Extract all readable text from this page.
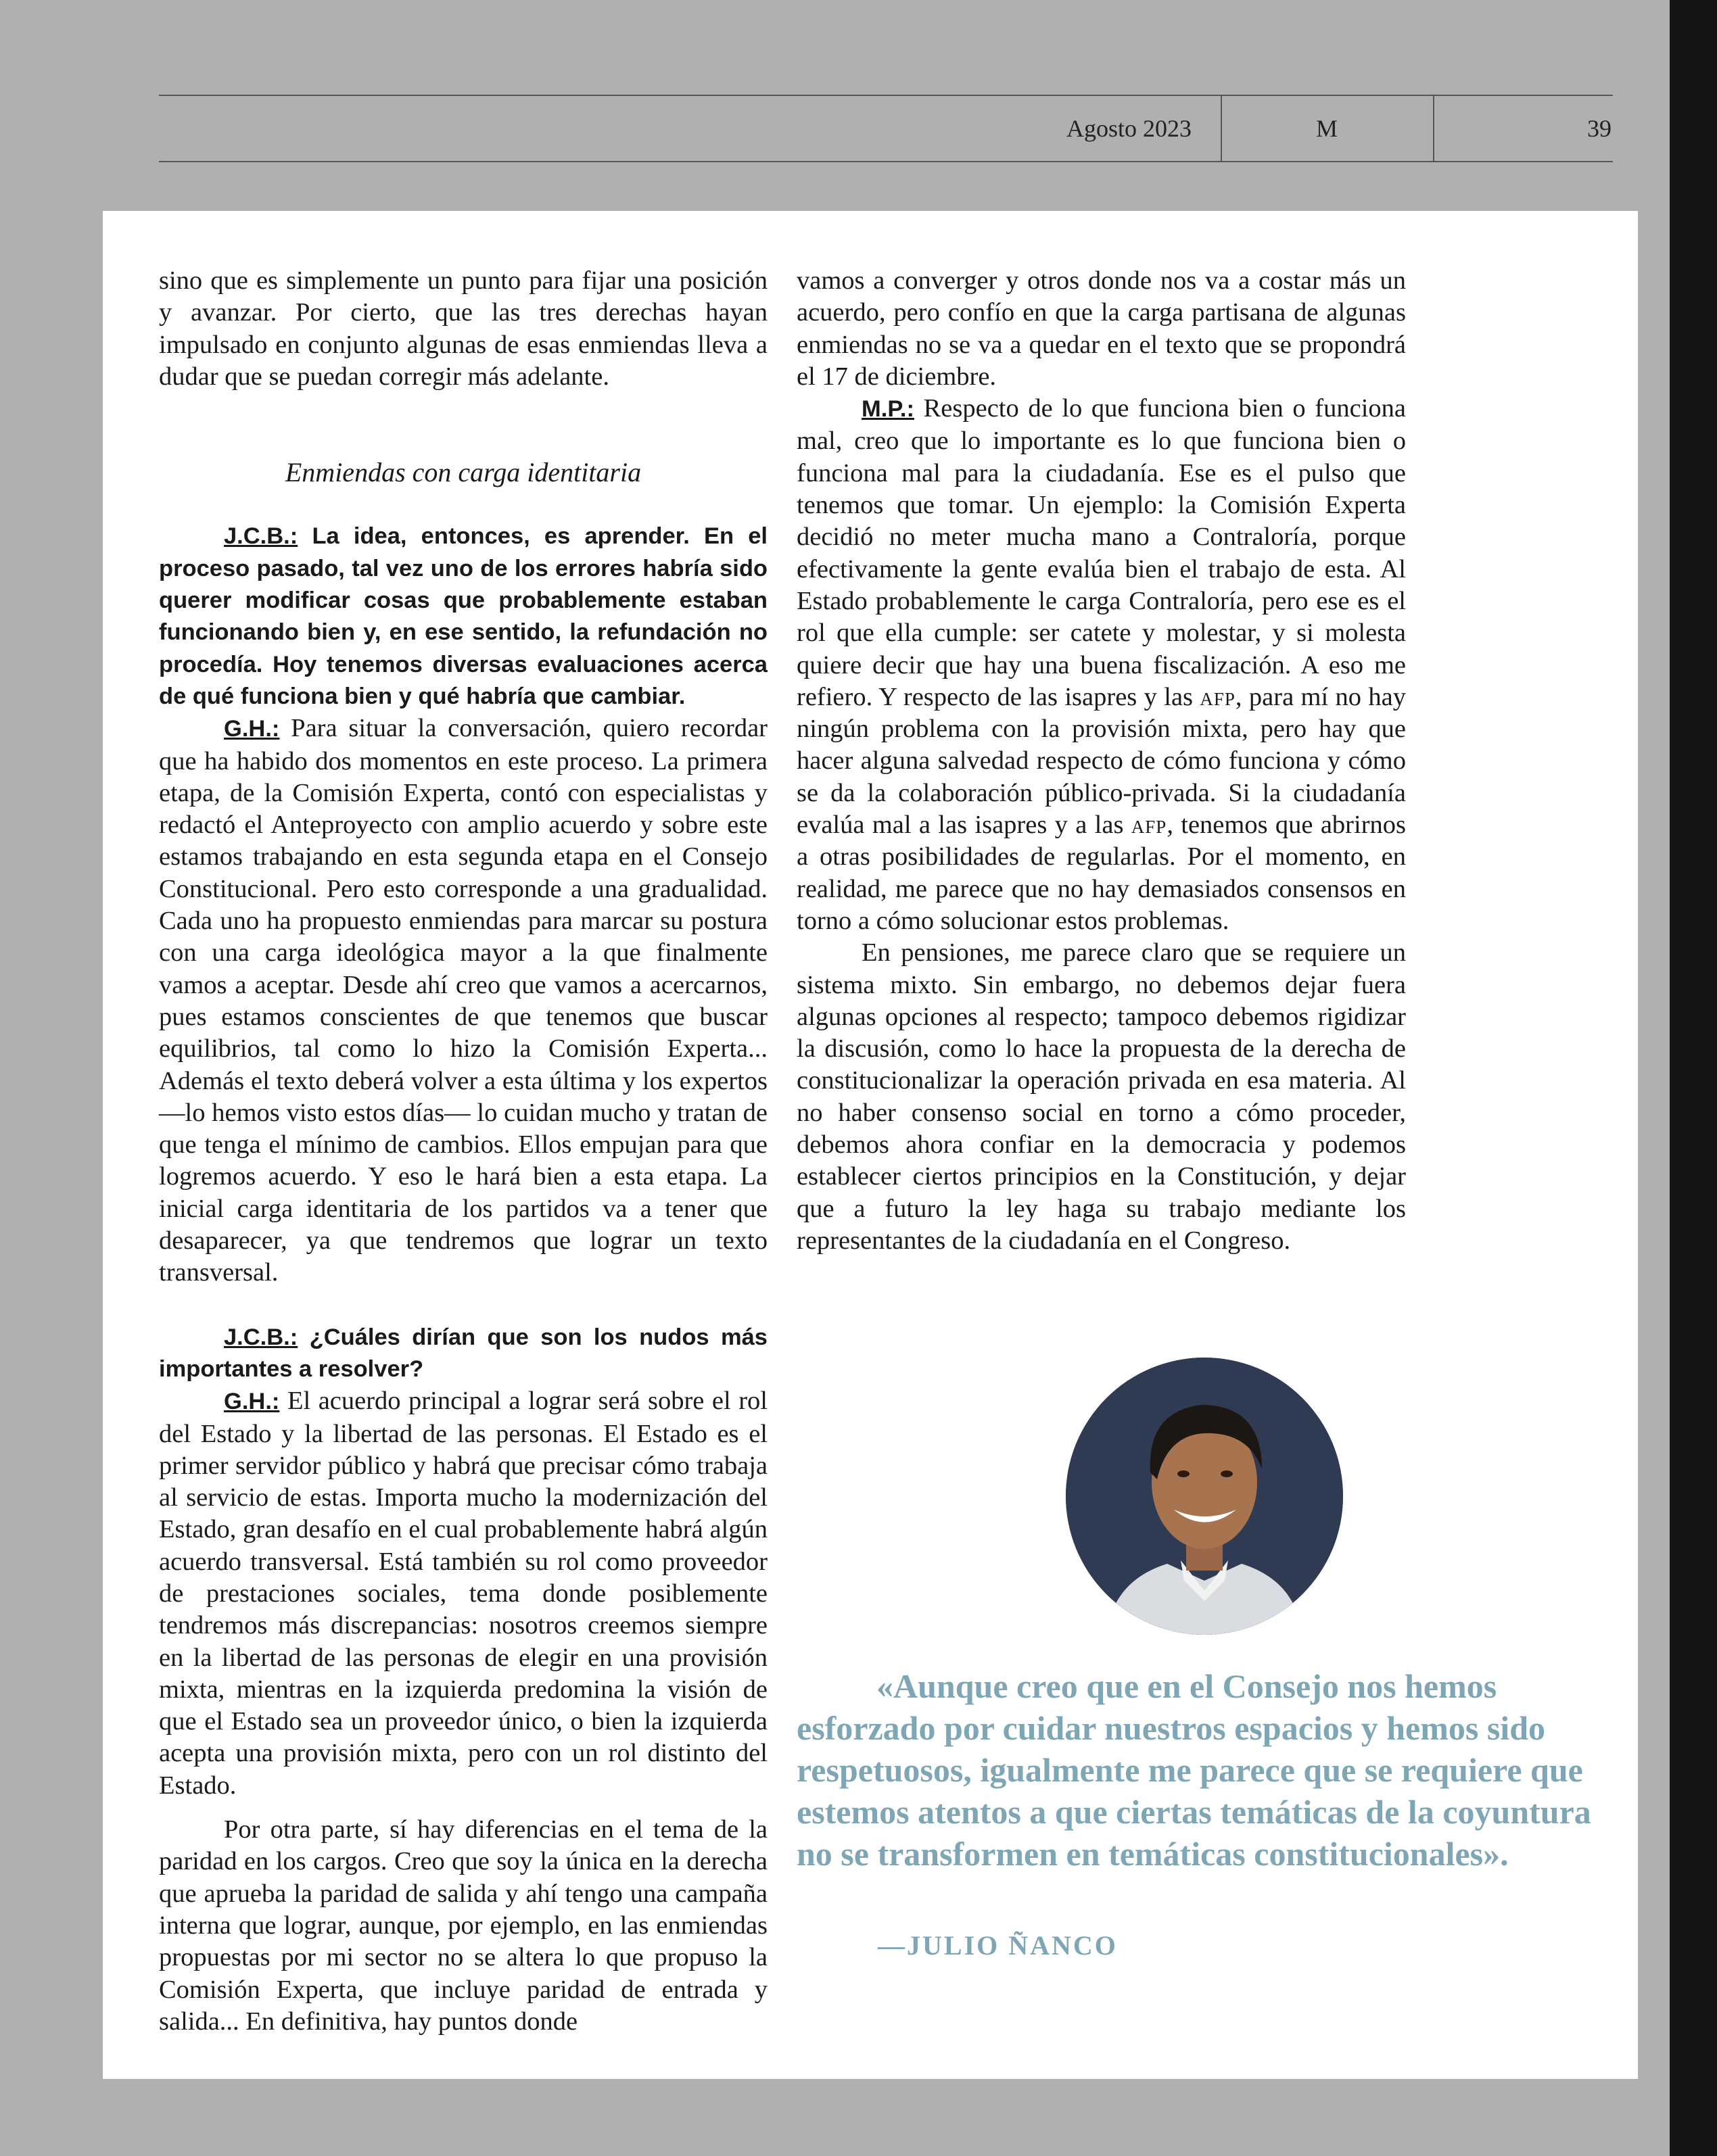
Agosto 2023	M	39

sino que es simplemente un punto para fijar una posición y avanzar. Por cierto, que las tres derechas hayan impulsado en conjunto algunas de esas enmiendas lleva a dudar que se puedan corregir más adelante.

Enmiendas con carga identitaria

J.C.B.: La idea, entonces, es aprender. En el proceso pasado, tal vez uno de los errores habría sido querer modificar cosas que probablemente estaban funcionando bien y, en ese sentido, la refundación no procedía. Hoy tenemos diversas evaluaciones acerca de qué funciona bien y qué habría que cambiar.

G.H.: Para situar la conversación, quiero recordar que ha habido dos momentos en este proceso. La primera etapa, de la Comisión Experta, contó con especialistas y redactó el Anteproyecto con amplio acuerdo y sobre este estamos trabajando en esta segunda etapa en el Consejo Constitucional. Pero esto corresponde a una gradualidad. Cada uno ha propuesto enmiendas para marcar su postura con una carga ideológica mayor a la que finalmente vamos a aceptar. Desde ahí creo que vamos a acercarnos, pues estamos conscientes de que tenemos que buscar equilibrios, tal como lo hizo la Comisión Experta... Además el texto deberá volver a esta última y los expertos —lo hemos visto estos días— lo cuidan mucho y tratan de que tenga el mínimo de cambios. Ellos empujan para que logremos acuerdo. Y eso le hará bien a esta etapa. La inicial carga identitaria de los partidos va a tener que desaparecer, ya que tendremos que lograr un texto transversal.

J.C.B.: ¿Cuáles dirían que son los nudos más importantes a resolver?

G.H.: El acuerdo principal a lograr será sobre el rol del Estado y la libertad de las personas. El Estado es el primer servidor público y habrá que precisar cómo trabaja al servicio de estas. Importa mucho la modernización del Estado, gran desafío en el cual probablemente habrá algún acuerdo transversal. Está también su rol como proveedor de prestaciones sociales, tema donde posiblemente tendremos más discrepancias: nosotros creemos siempre en la libertad de las personas de elegir en una provisión mixta, mientras en la izquierda predomina la visión de que el Estado sea un proveedor único, o bien la izquierda acepta una provisión mixta, pero con un rol distinto del Estado.

Por otra parte, sí hay diferencias en el tema de la paridad en los cargos. Creo que soy la única en la derecha que aprueba la paridad de salida y ahí tengo una campaña interna que lograr, aunque, por ejemplo, en las enmiendas propuestas por mi sector no se altera lo que propuso la Comisión Experta, que incluye paridad de entrada y salida... En definitiva, hay puntos donde

vamos a converger y otros donde nos va a costar más un acuerdo, pero confío en que la carga partisana de algunas enmiendas no se va a quedar en el texto que se propondrá el 17 de diciembre.

M.P.: Respecto de lo que funciona bien o funciona mal, creo que lo importante es lo que funciona bien o funciona mal para la ciudadanía. Ese es el pulso que tenemos que tomar. Un ejemplo: la Comisión Experta decidió no meter mucha mano a Contraloría, porque efectivamente la gente evalúa bien el trabajo de esta. Al Estado probablemente le carga Contraloría, pero ese es el rol que ella cumple: ser catete y molestar, y si molesta quiere decir que hay una buena fiscalización. A eso me refiero. Y respecto de las isapres y las afp, para mí no hay ningún problema con la provisión mixta, pero hay que hacer alguna salvedad respecto de cómo funciona y cómo se da la colaboración público-privada. Si la ciudadanía evalúa mal a las isapres y a las afp, tenemos que abrirnos a otras posibilidades de regularlas. Por el momento, en realidad, me parece que no hay demasiados consensos en torno a cómo solucionar estos problemas.

En pensiones, me parece claro que se requiere un sistema mixto. Sin embargo, no debemos dejar fuera algunas opciones al respecto; tampoco debemos rigidizar la discusión, como lo hace la propuesta de la derecha de constitucionalizar la operación privada en esa materia. Al no haber consenso social en torno a cómo proceder, debemos ahora confiar en la democracia y podemos establecer ciertos principios en la Constitución, y dejar que a futuro la ley haga su trabajo mediante los representantes de la ciudadanía en el Congreso.

«Aunque creo que en el Consejo nos hemos esforzado por cuidar nuestros espacios y hemos sido respetuosos, igualmente me parece que se requiere que estemos atentos a que ciertas temáticas de la coyuntura no se transformen en temáticas constitucionales».

—JULIO ÑANCO
